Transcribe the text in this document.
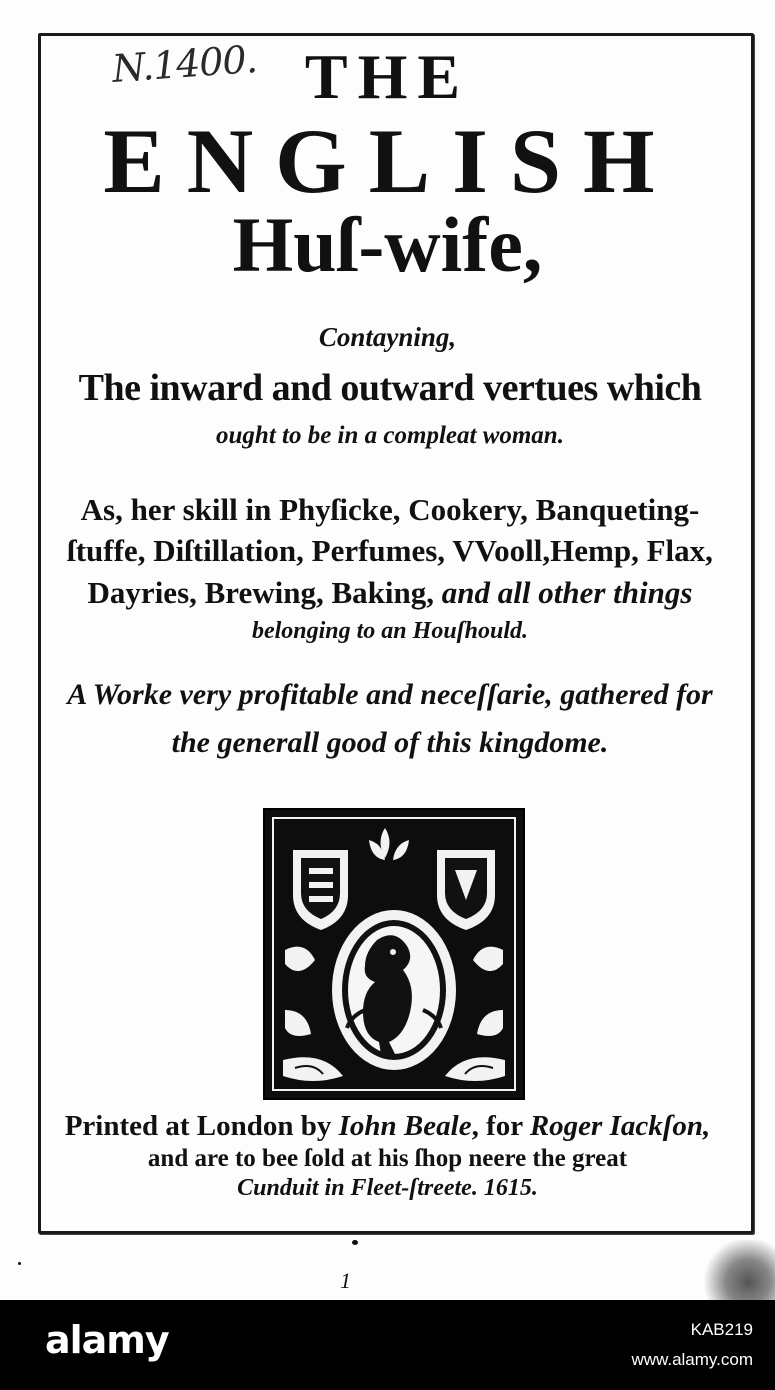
N.1400. THE
ENGLISH
Huſ-wife,
Contayning,
The inward and outward vertues which
ought to be in a compleat woman.
As, her skill in Phyſicke, Cookery, Banqueting-
ſtuffe, Diſtillation, Perfumes, VVooll,Hemp, Flax,
Dayries, Brewing, Baking, and all other things
belonging to an Houſhould.
A Worke very profitable and neceſſarie, gathered for
the generall good of this kingdome.
Printed at London by Iohn Beale, for Roger Iackſon,
and are to bee ſold at his ſhop neere the great
Cunduit in Fleet-ſtreete. 1615.
1
alamy	KAB219
www.alamy.com
